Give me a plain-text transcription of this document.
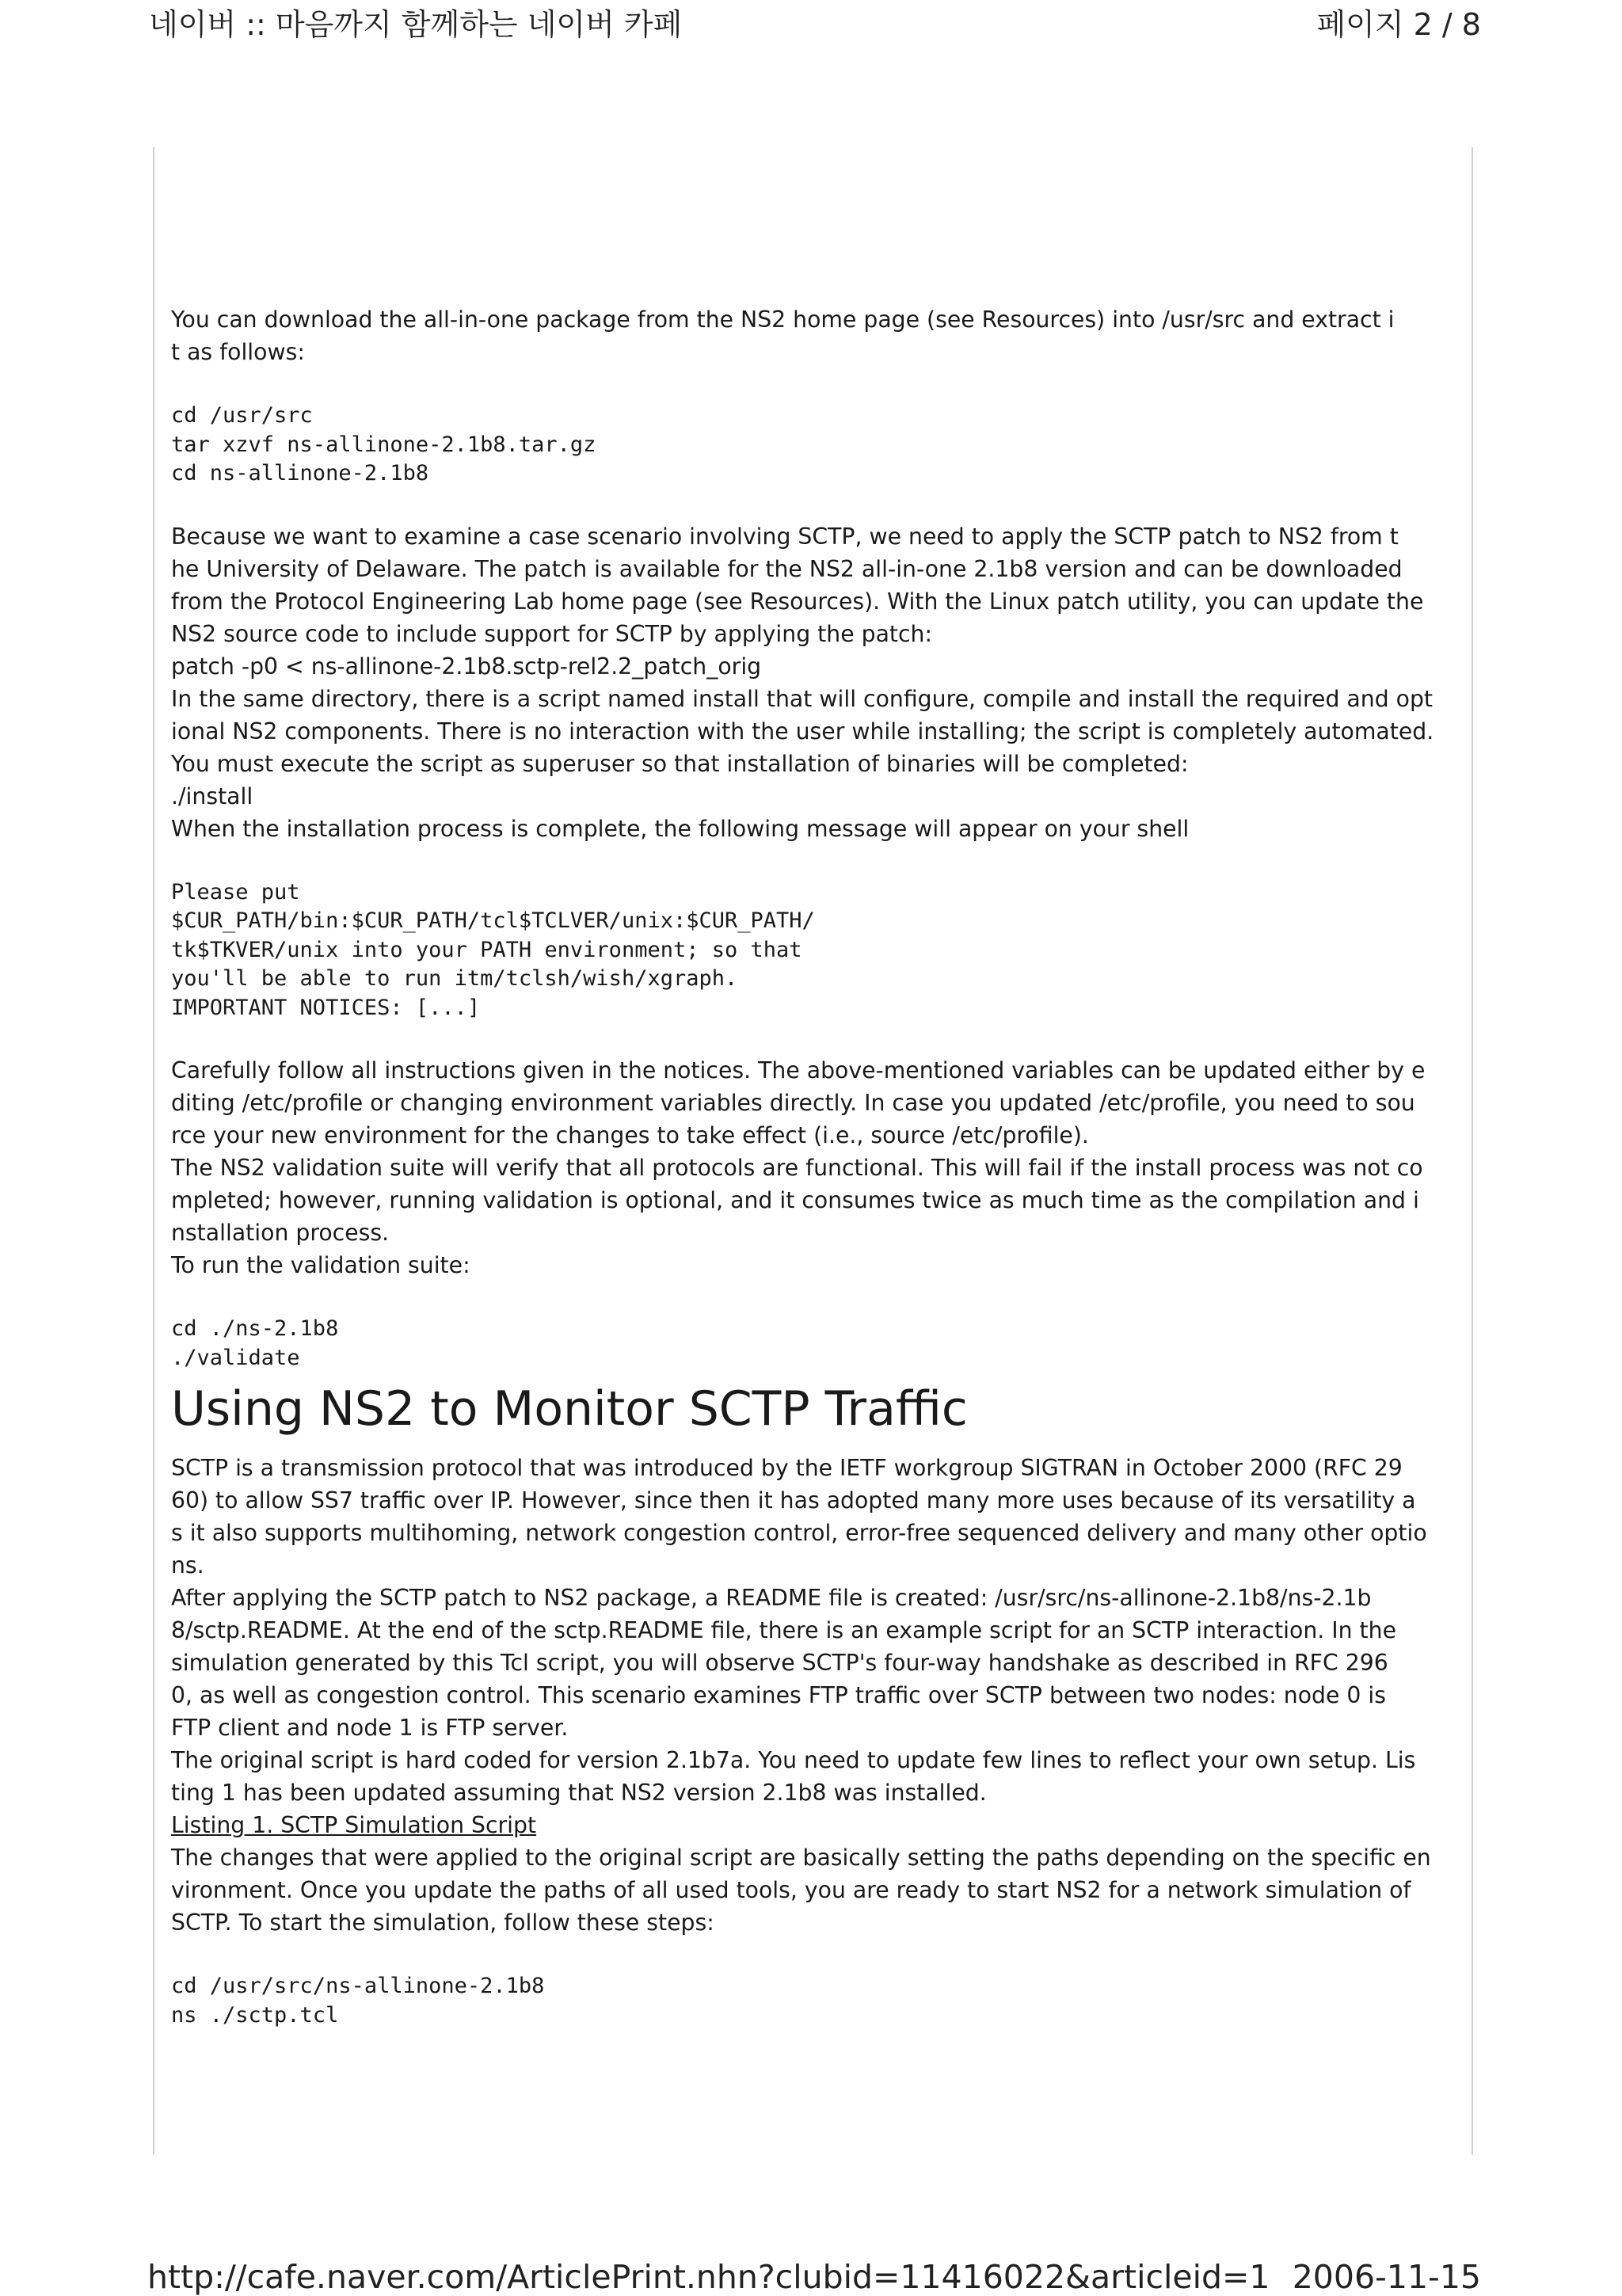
네이버 :: 마음까지 함께하는 네이버 카페	페이지 2 / 8
You can download the all-in-one package from the NS2 home page (see Resources) into /usr/src and extract i
t as follows:
cd /usr/src
tar xzvf ns-allinone-2.1b8.tar.gz
cd ns-allinone-2.1b8
Because we want to examine a case scenario involving SCTP, we need to apply the SCTP patch to NS2 from t
he University of Delaware. The patch is available for the NS2 all-in-one 2.1b8 version and can be downloaded
from the Protocol Engineering Lab home page (see Resources). With the Linux patch utility, you can update the
NS2 source code to include support for SCTP by applying the patch:
patch -p0 < ns-allinone-2.1b8.sctp-rel2.2_patch_orig
In the same directory, there is a script named install that will configure, compile and install the required and opt
ional NS2 components. There is no interaction with the user while installing; the script is completely automated.
You must execute the script as superuser so that installation of binaries will be completed:
./install
When the installation process is complete, the following message will appear on your shell
Please put
$CUR_PATH/bin:$CUR_PATH/tcl$TCLVER/unix:$CUR_PATH/
tk$TKVER/unix into your PATH environment; so that
you'll be able to run itm/tclsh/wish/xgraph.
IMPORTANT NOTICES: [...]
Carefully follow all instructions given in the notices. The above-mentioned variables can be updated either by e
diting /etc/profile or changing environment variables directly. In case you updated /etc/profile, you need to sou
rce your new environment for the changes to take effect (i.e., source /etc/profile).
The NS2 validation suite will verify that all protocols are functional. This will fail if the install process was not co
mpleted; however, running validation is optional, and it consumes twice as much time as the compilation and i
nstallation process.
To run the validation suite:
cd ./ns-2.1b8
./validate
Using NS2 to Monitor SCTP Traffic
SCTP is a transmission protocol that was introduced by the IETF workgroup SIGTRAN in October 2000 (RFC 29
60) to allow SS7 traffic over IP. However, since then it has adopted many more uses because of its versatility a
s it also supports multihoming, network congestion control, error-free sequenced delivery and many other optio
ns.
After applying the SCTP patch to NS2 package, a README file is created: /usr/src/ns-allinone-2.1b8/ns-2.1b
8/sctp.README. At the end of the sctp.README file, there is an example script for an SCTP interaction. In the
simulation generated by this Tcl script, you will observe SCTP's four-way handshake as described in RFC 296
0, as well as congestion control. This scenario examines FTP traffic over SCTP between two nodes: node 0 is
FTP client and node 1 is FTP server.
The original script is hard coded for version 2.1b7a. You need to update few lines to reflect your own setup. Lis
ting 1 has been updated assuming that NS2 version 2.1b8 was installed.
Listing 1. SCTP Simulation Script
The changes that were applied to the original script are basically setting the paths depending on the specific en
vironment. Once you update the paths of all used tools, you are ready to start NS2 for a network simulation of
SCTP. To start the simulation, follow these steps:
cd /usr/src/ns-allinone-2.1b8
ns ./sctp.tcl
http://cafe.naver.com/ArticlePrint.nhn?clubid=11416022&articleid=1 2006-11-15
